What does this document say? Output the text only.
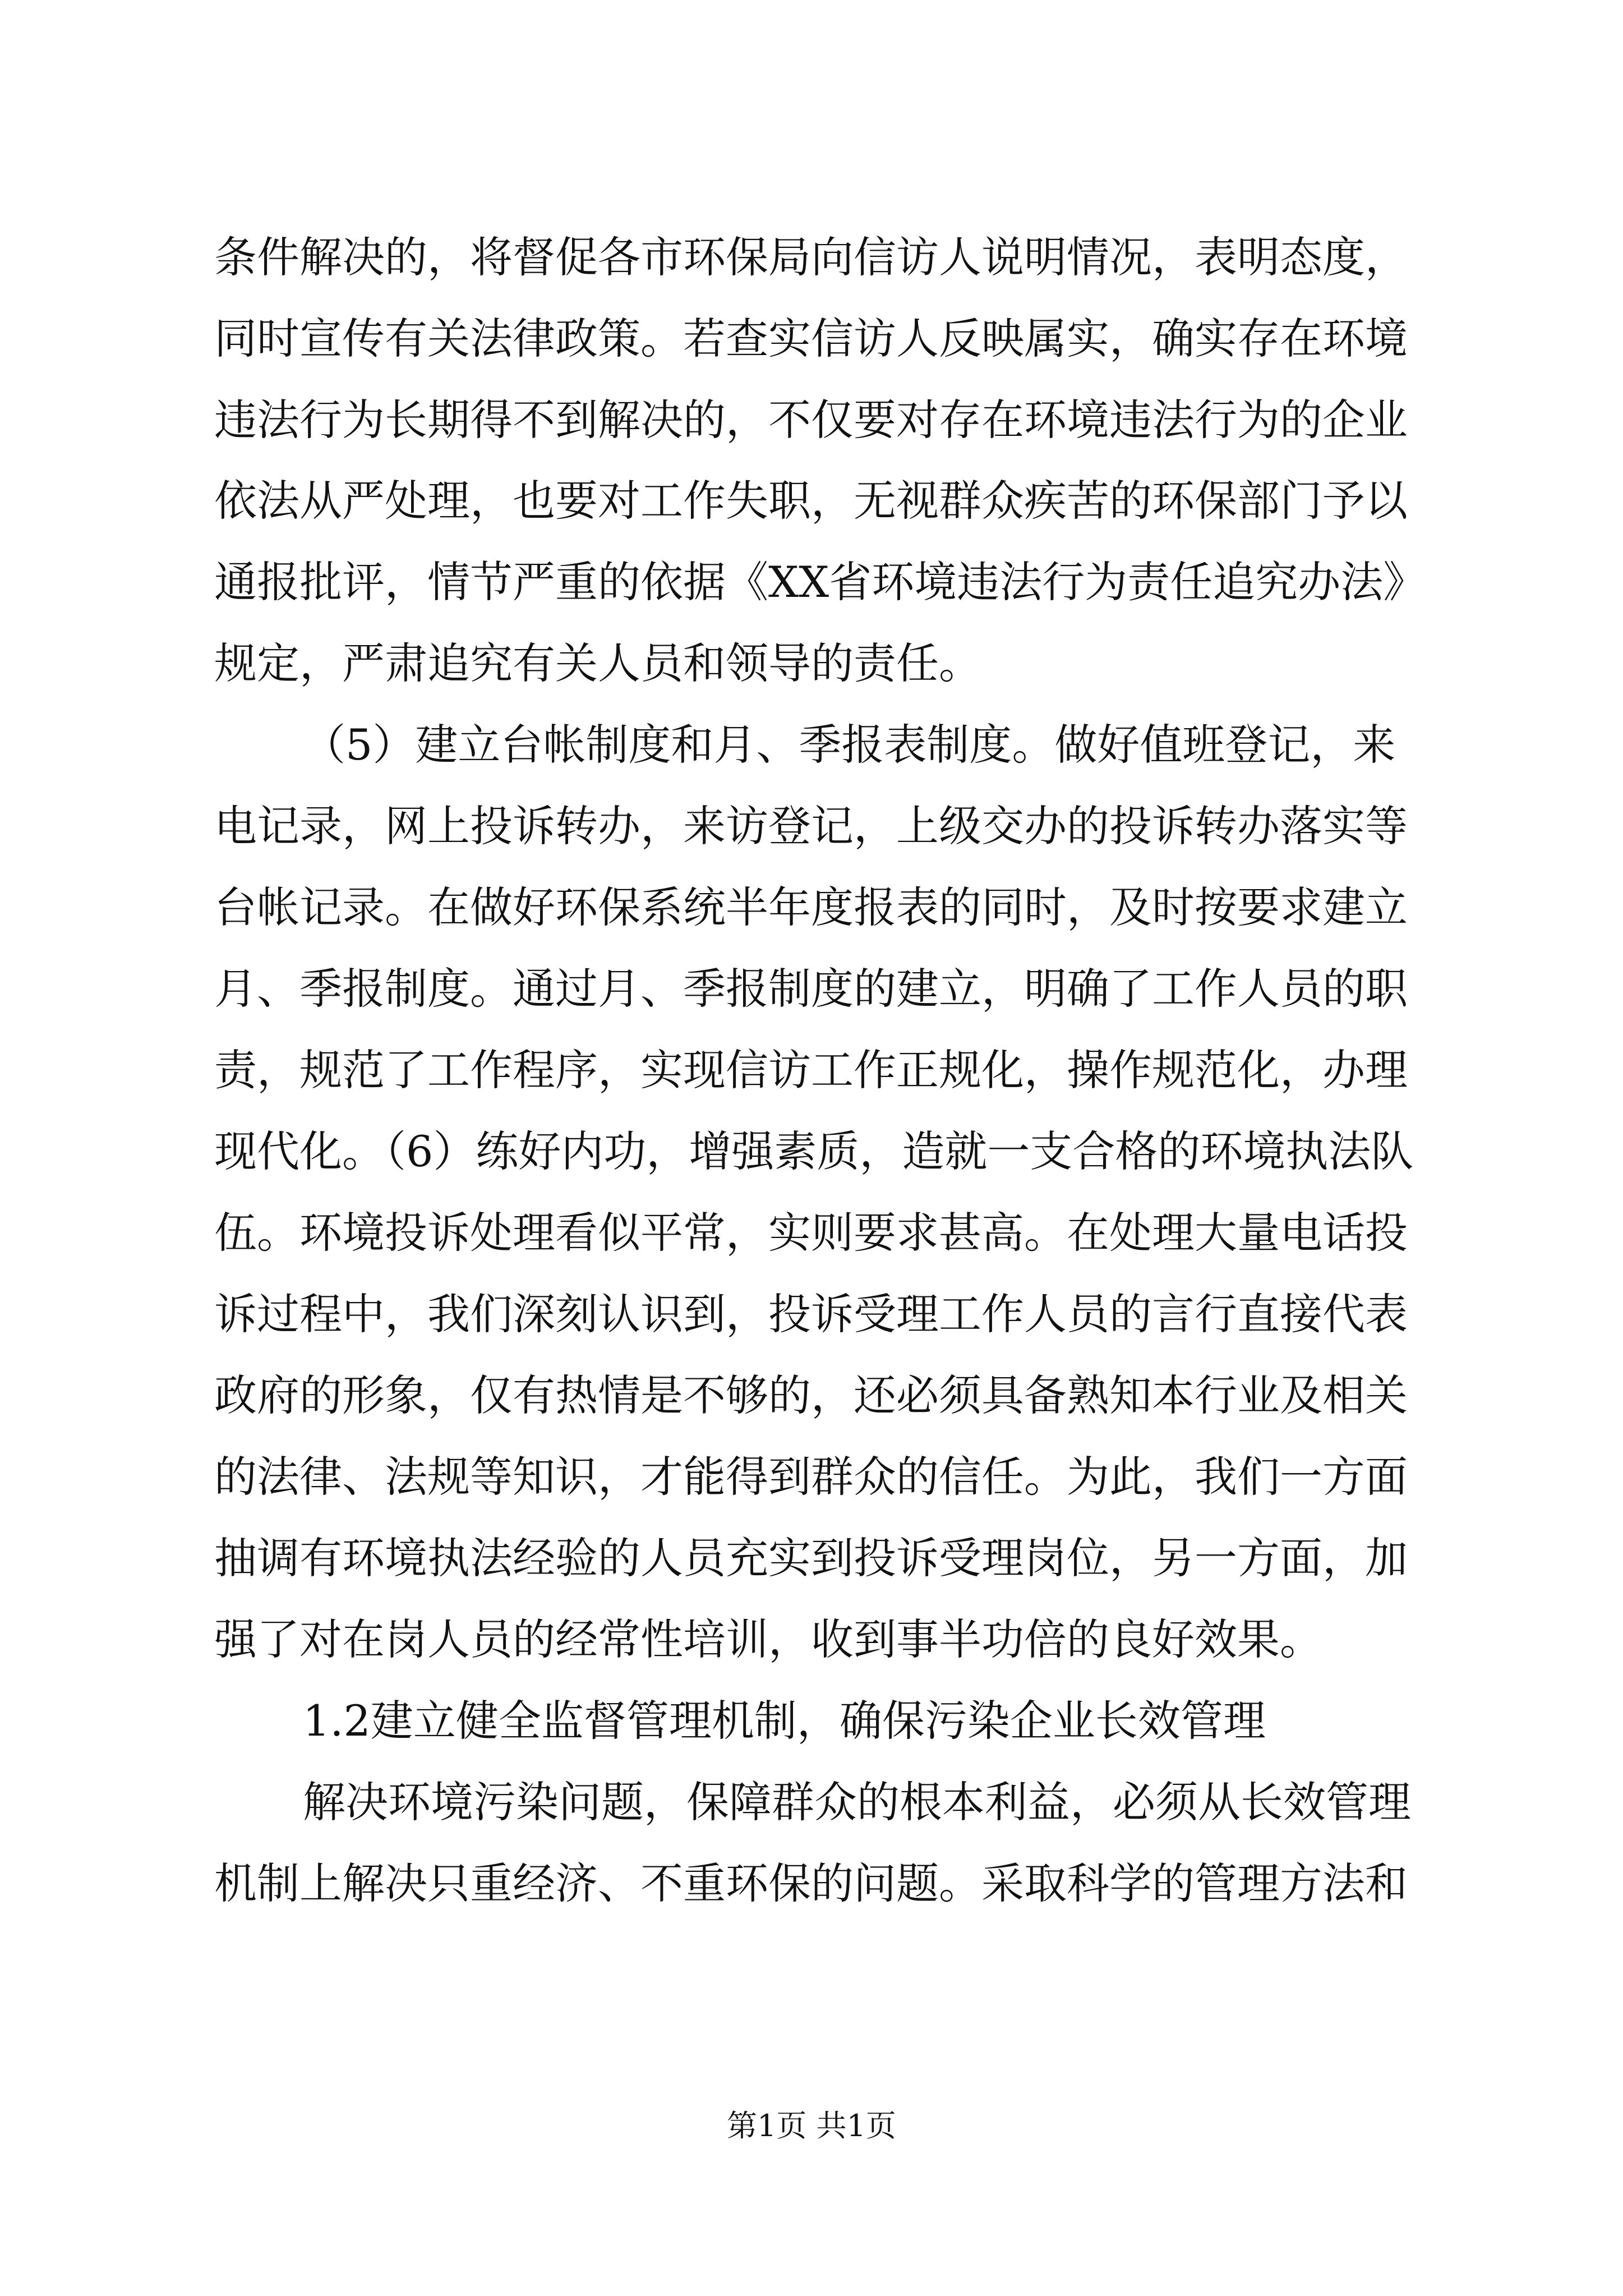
条件解决的，将督促各市环保局向信访人说明情况，表明态度，
同时宣传有关法律政策。若查实信访人反映属实，确实存在环境
违法行为长期得不到解决的，不仅要对存在环境违法行为的企业
依法从严处理，也要对工作失职，无视群众疾苦的环保部门予以
通报批评，情节严重的依据《XX省环境违法行为责任追究办法》
规定，严肃追究有关人员和领导的责任。
（5）建立台帐制度和月、季报表制度。做好值班登记，来
电记录，网上投诉转办，来访登记，上级交办的投诉转办落实等
台帐记录。在做好环保系统半年度报表的同时，及时按要求建立
月、季报制度。通过月、季报制度的建立，明确了工作人员的职
责，规范了工作程序，实现信访工作正规化，操作规范化，办理
现代化。（6）练好内功，增强素质，造就一支合格的环境执法队
伍。环境投诉处理看似平常，实则要求甚高。在处理大量电话投
诉过程中，我们深刻认识到，投诉受理工作人员的言行直接代表
政府的形象，仅有热情是不够的，还必须具备熟知本行业及相关
的法律、法规等知识，才能得到群众的信任。为此，我们一方面
抽调有环境执法经验的人员充实到投诉受理岗位，另一方面，加
强了对在岗人员的经常性培训，收到事半功倍的良好效果。
1.2建立健全监督管理机制，确保污染企业长效管理
解决环境污染问题，保障群众的根本利益，必须从长效管理
机制上解决只重经济、不重环保的问题。采取科学的管理方法和
第1页 共1页
